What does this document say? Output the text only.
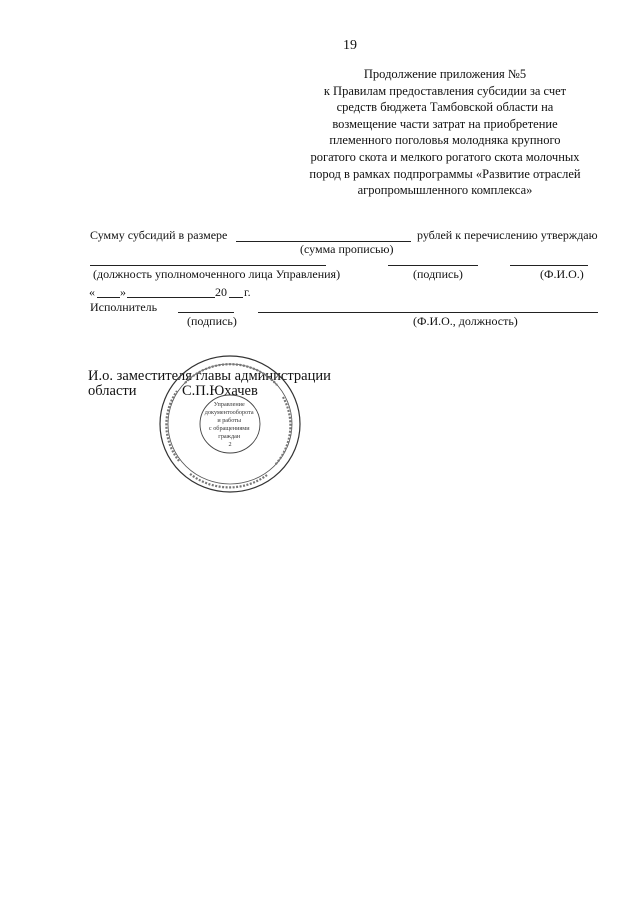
19
Продолжение приложения №5
к Правилам предоставления субсидии за счет
средств бюджета Тамбовской области на
возмещение части затрат на приобретение
племенного поголовья молодняка крупного
рогатого скота и мелкого рогатого скота молочных
пород в рамках подпрограммы «Развитие отраслей
агропромышленного комплекса»
Сумму субсидий в размере	рублей к перечислению утверждаю
(сумма прописью)
(должность уполномоченного лица Управления)	(подпись)	(Ф.И.О.)
« »	20 г.
Исполнитель
(подпись)	(Ф.И.О., должность)
И.о. заместителя главы администрации
области	С.П.Юхачев
Управление документооборота и работы с обращениями граждан 2
